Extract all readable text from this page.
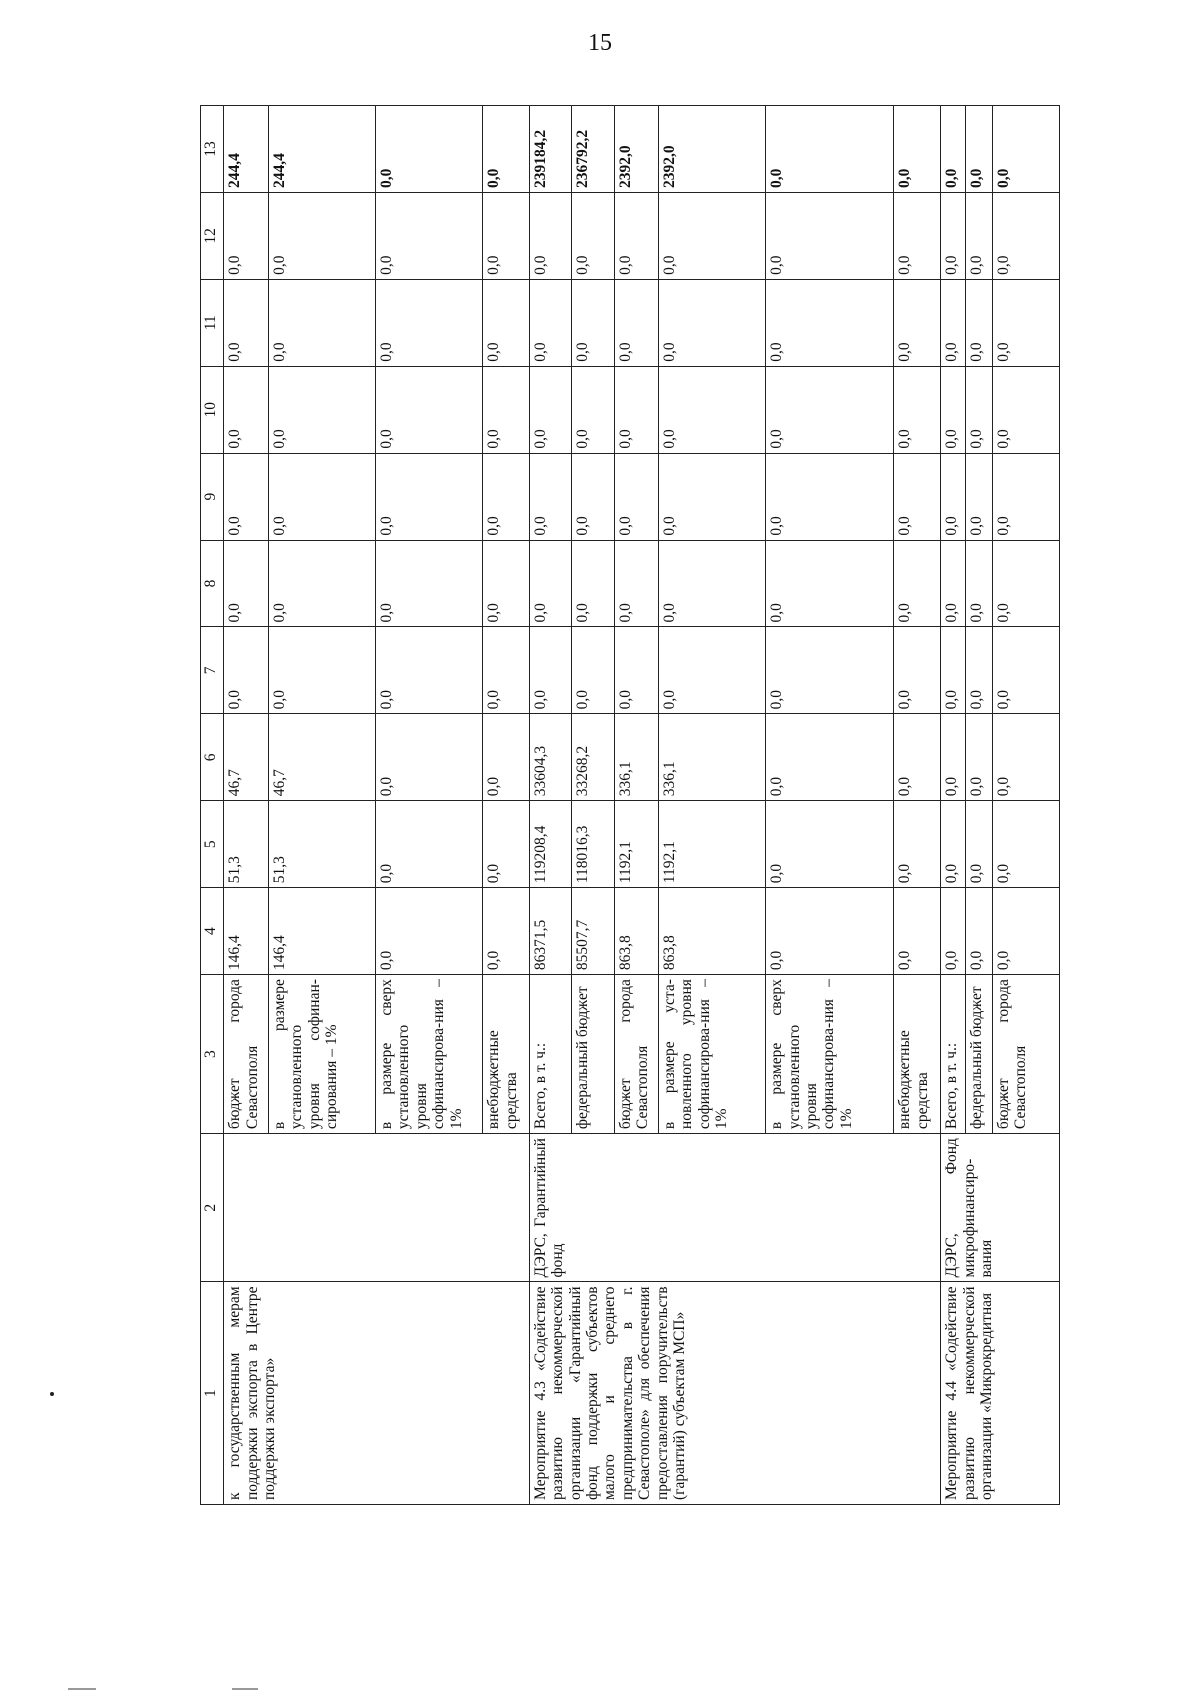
15
1	2	3	4	5	6	7	8	9	10	11	12	13
к государственным мерам поддержки экспорта в Центре поддержки экспорта»		бюджет города Севастополя	146,4	51,3	46,7	0,0	0,0	0,0	0,0	0,0	0,0	244,4
		в размере установленного уровня софинан-сирования – 1%	146,4	51,3	46,7	0,0	0,0	0,0	0,0	0,0	0,0	244,4
		в размере сверх установленного уровня софинансирова-ния – 1%	0,0	0,0	0,0	0,0	0,0	0,0	0,0	0,0	0,0	0,0
		внебюджетные средства	0,0	0,0	0,0	0,0	0,0	0,0	0,0	0,0	0,0	0,0
Мероприятие 4.3 «Содействие развитию некоммерческой организации «Гарантийный фонд поддержки субъектов малого и среднего предпринимательства в г. Севастополе» для обеспечения предоставления поручительств (гарантий) субъектам МСП»	ДЭРС, Гарантийный фонд	Всего, в т. ч.:	86371,5	119208,4	33604,3	0,0	0,0	0,0	0,0	0,0	0,0	239184,2
		федеральный бюджет	85507,7	118016,3	33268,2	0,0	0,0	0,0	0,0	0,0	0,0	236792,2
		бюджет города Севастополя	863,8	1192,1	336,1	0,0	0,0	0,0	0,0	0,0	0,0	2392,0
		в размере уста-новленного уровня софинансирова-ния – 1%	863,8	1192,1	336,1	0,0	0,0	0,0	0,0	0,0	0,0	2392,0
		в размере сверх установленного уровня софинансирова-ния – 1%	0,0	0,0	0,0	0,0	0,0	0,0	0,0	0,0	0,0	0,0
		внебюджетные средства	0,0	0,0	0,0	0,0	0,0	0,0	0,0	0,0	0,0	0,0
Мероприятие 4.4 «Содействие развитию некоммерческой организации «Микрокредитная	ДЭРС, Фонд микрофинансиро-вания	Всего, в т. ч.:	0,0	0,0	0,0	0,0	0,0	0,0	0,0	0,0	0,0	0,0
		федеральный бюджет	0,0	0,0	0,0	0,0	0,0	0,0	0,0	0,0	0,0	0,0
		бюджет города Севастополя	0,0	0,0	0,0	0,0	0,0	0,0	0,0	0,0	0,0	0,0
